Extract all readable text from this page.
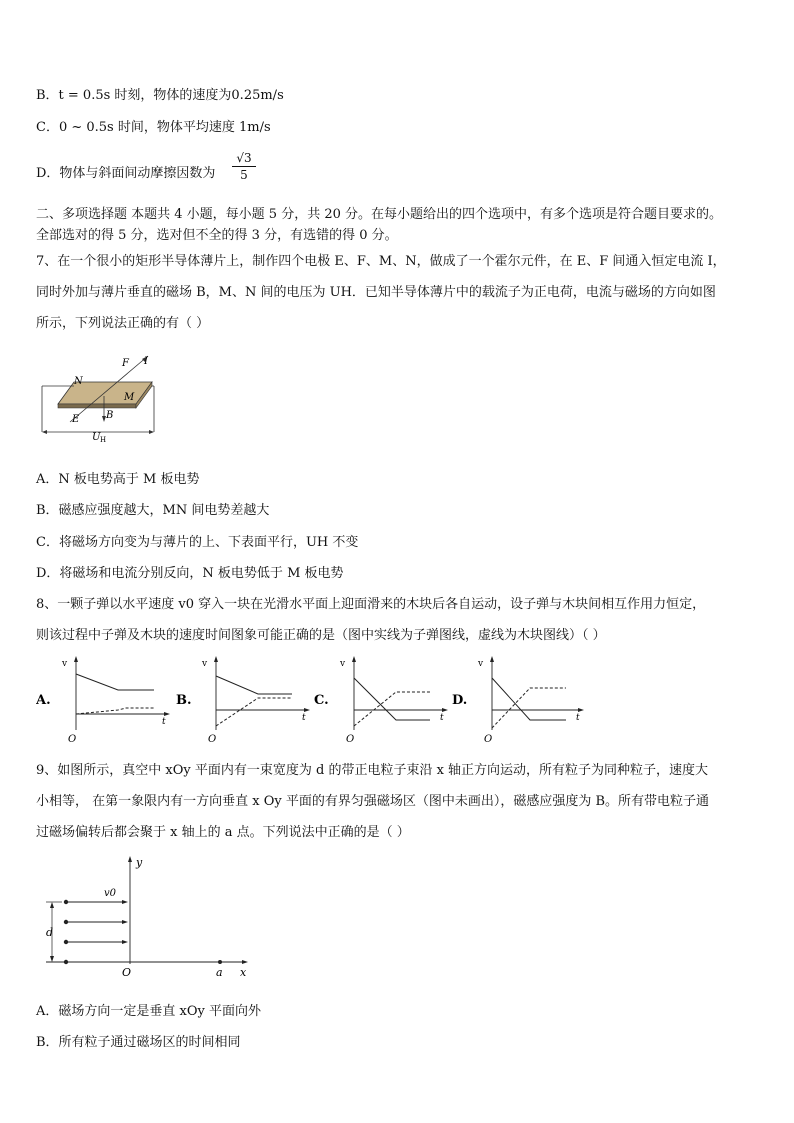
B．t = 0.5s 时刻，物体的速度为0.25m/s
C．0 ~ 0.5s 时间，物体平均速度 1m/s
D．物体与斜面间动摩擦因数为 $\frac{√3}{5}$
二、多项选择题 本题共 4 小题，每小题 5 分，共 20 分。在每小题给出的四个选项中，有多个选项是符合题目要求的。
全部选对的得 5 分，选对但不全的得 3 分，有选错的得 0 分。
7、在一个很小的矩形半导体薄片上，制作四个电极 E、F、M、N，做成了一个霍尔元件，在 E、F 间通入恒定电流 I，
同时外加与薄片垂直的磁场 B，M、N 间的电压为 UH．已知半导体薄片中的载流子为正电荷，电流与磁场的方向如图
所示，下列说法正确的有（ ）
F I
N
M
E	B
U H
A．N 板电势高于 M 板电势
B．磁感应强度越大，MN 间电势差越大
C．将磁场方向变为与薄片的上、下表面平行，UH 不变
D．将磁场和电流分别反向，N 板电势低于 M 板电势
8、一颗子弹以水平速度 v0 穿入一块在光滑水平面上迎面滑来的木块后各自运动，设子弹与木块间相互作用力恒定，
则该过程中子弹及木块的速度时间图象可能正确的是（图中实线为子弹图线，虚线为木块图线）（ ）
A.
v
t
O
B.
v
t
O
C.
v
t
O
D.
v
t
O
9、如图所示，真空中 xOy 平面内有一束宽度为 d 的带正电粒子束沿 x 轴正方向运动，所有粒子为同种粒子，速度大
小相等， 在第一象限内有一方向垂直 x Oy 平面的有界匀强磁场区（图中未画出），磁感应强度为 B。所有带电粒子通
过磁场偏转后都会聚于 x 轴上的 a 点。下列说法中正确的是（ ）
y
v0
d
O	a x
A．磁场方向一定是垂直 xOy 平面向外
B．所有粒子通过磁场区的时间相同
